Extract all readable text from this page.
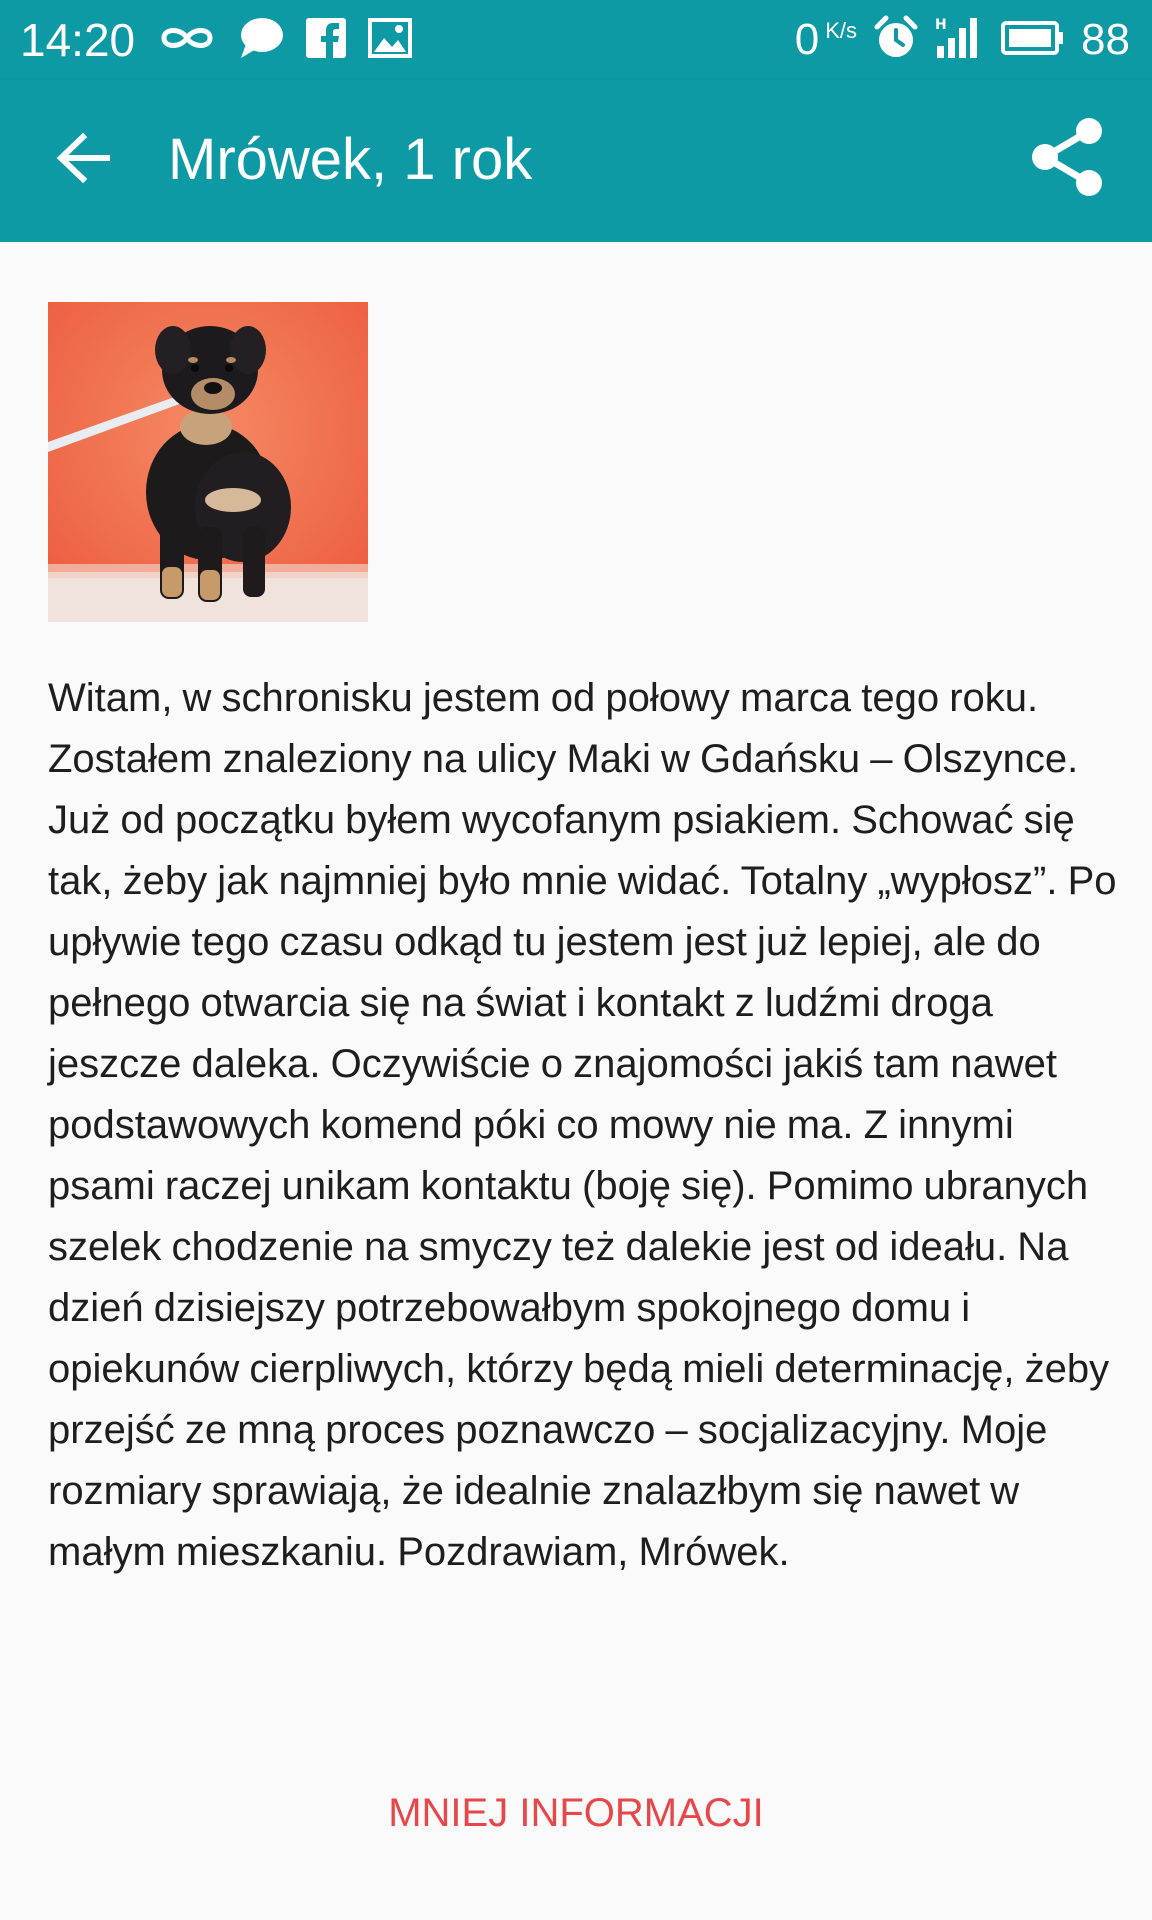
14:20	0 K/s	H	88
Mrówek, 1 rok

Witam, w schronisku jestem od połowy marca tego roku. Zostałem znaleziony na ulicy Maki w Gdańsku – Olszynce. Już od początku byłem wycofanym psiakiem. Schować się tak, żeby jak najmniej było mnie widać. Totalny „wypłosz”. Po upływie tego czasu odkąd tu jestem jest już lepiej, ale do pełnego otwarcia się na świat i kontakt z ludźmi droga jeszcze daleka. Oczywiście o znajomości jakiś tam nawet podstawowych komend póki co mowy nie ma. Z innymi psami raczej unikam kontaktu (boję się). Pomimo ubranych szelek chodzenie na smyczy też dalekie jest od ideału. Na dzień dzisiejszy potrzebowałbym spokojnego domu i opiekunów cierpliwych, którzy będą mieli determinację, żeby przejść ze mną proces poznawczo – socjalizacyjny. Moje rozmiary sprawiają, że idealnie znalazłbym się nawet w małym mieszkaniu. Pozdrawiam, Mrówek.

MNIEJ INFORMACJI
